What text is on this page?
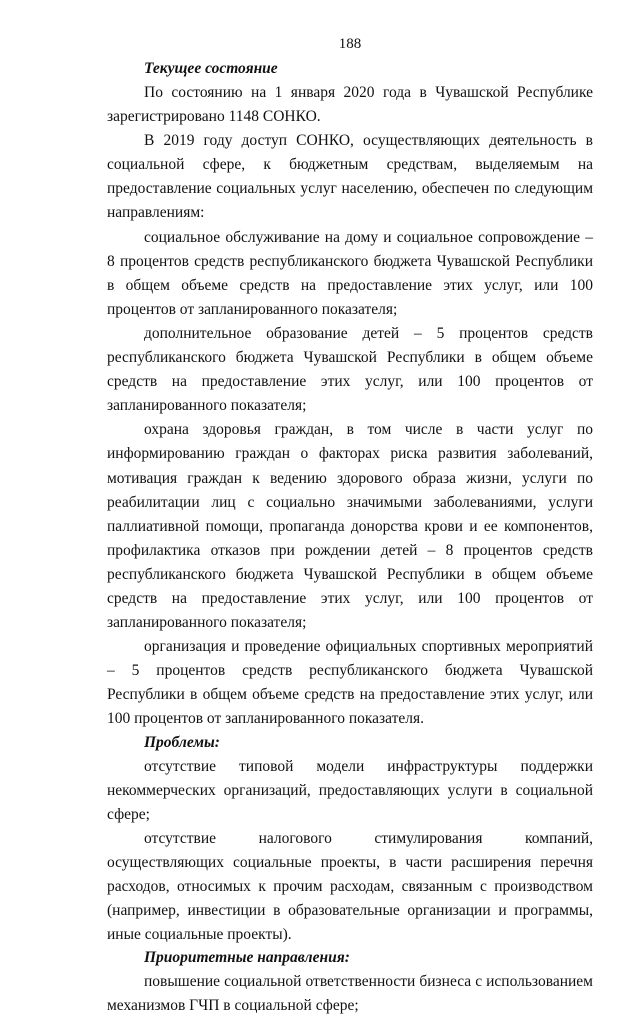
188

Текущее состояние

По состоянию на 1 января 2020 года в Чувашской Республике зарегистрировано 1148 СОНКО.

В 2019 году доступ СОНКО, осуществляющих деятельность в социальной сфере, к бюджетным средствам, выделяемым на предоставление социальных услуг населению, обеспечен по следующим направлениям:

социальное обслуживание на дому и социальное сопровождение – 8 процентов средств республиканского бюджета Чувашской Республики в общем объеме средств на предоставление этих услуг, или 100 процентов от запланированного показателя;

дополнительное образование детей – 5 процентов средств республиканского бюджета Чувашской Республики в общем объеме средств на предоставление этих услуг, или 100 процентов от запланированного показателя;

охрана здоровья граждан, в том числе в части услуг по информированию граждан о факторах риска развития заболеваний, мотивация граждан к ведению здорового образа жизни, услуги по реабилитации лиц с социально значимыми заболеваниями, услуги паллиативной помощи, пропаганда донорства крови и ее компонентов, профилактика отказов при рождении детей – 8 процентов средств республиканского бюджета Чувашской Республики в общем объеме средств на предоставление этих услуг, или 100 процентов от запланированного показателя;

организация и проведение официальных спортивных мероприятий – 5 процентов средств республиканского бюджета Чувашской Республики в общем объеме средств на предоставление этих услуг, или 100 процентов от запланированного показателя.

Проблемы:

отсутствие типовой модели инфраструктуры поддержки некоммерческих организаций, предоставляющих услуги в социальной сфере;

отсутствие налогового стимулирования компаний, осуществляющих социальные проекты, в части расширения перечня расходов, относимых к прочим расходам, связанным с производством (например, инвестиции в образовательные организации и программы, иные социальные проекты).

Приоритетные направления:

повышение социальной ответственности бизнеса с использованием механизмов ГЧП в социальной сфере;
